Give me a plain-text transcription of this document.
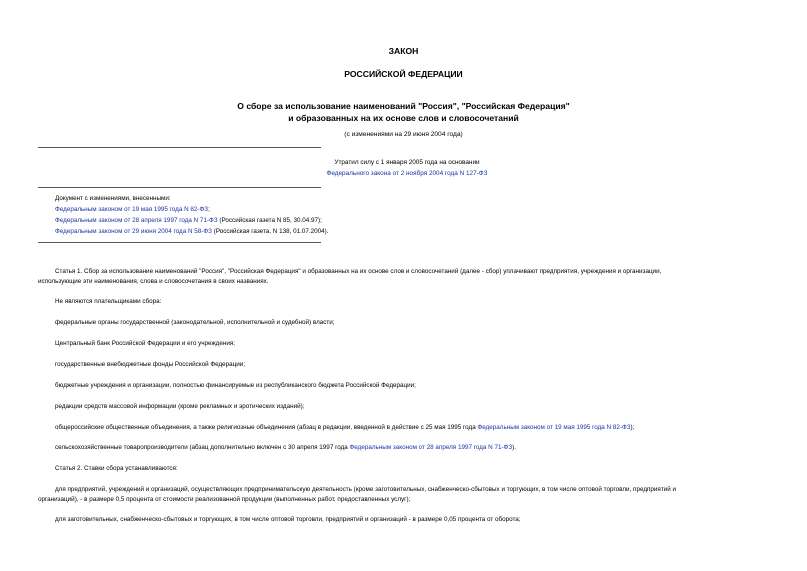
ЗАКОН
РОССИЙСКОЙ ФЕДЕРАЦИИ
О сборе за использование наименований "Россия", "Российская Федерация"
и образованных на их основе слов и словосочетаний
(с изменениями на 29 июня 2004 года)
Утратил силу с 1 января 2005 года на основании
Федерального закона от 2 ноября 2004 года N 127-ФЗ
Документ с изменениями, внесенными:
Федеральным законом от 19 мая 1995 года N 82-ФЗ;
Федеральным законом от 28 апреля 1997 года N 71-ФЗ (Российская газета N 85, 30.04.97);
Федеральным законом от 29 июня 2004 года N 58-ФЗ (Российская газета, N 138, 01.07.2004).
Статья 1. Сбор за использование наименований "Россия", "Российская Федерация" и образованных на их основе слов и словосочетаний (далее - сбор) уплачивают предприятия, учреждения и организации,
использующие эти наименования, слова и словосочетания в своих названиях.
Не являются плательщиками сбора:
федеральные органы государственной (законодательной, исполнительной и судебной) власти;
Центральный банк Российской Федерации и его учреждения;
государственные внебюджетные фонды Российской Федерации;
бюджетные учреждения и организации, полностью финансируемые из республиканского бюджета Российской Федерации;
редакции средств массовой информации (кроме рекламных и эротических изданий);
общероссийские общественные объединения, а также религиозные объединения (абзац в редакции, введенной в действие с 25 мая 1995 года Федеральным законом от 19 мая 1995 года N 82-ФЗ);
сельскохозяйственные товаропроизводители (абзац дополнительно включен с 30 апреля 1997 года Федеральным законом от 28 апреля 1997 года N 71-ФЗ).
Статья 2. Ставки сбора устанавливаются:
для предприятий, учреждений и организаций, осуществляющих предпринимательскую деятельность (кроме заготовительных, снабженческо-сбытовых и торгующих, в том числе оптовой торговли, предприятий и
организаций), - в размере 0,5 процента от стоимости реализованной продукции (выполненных работ, предоставленных услуг);
для заготовительных, снабженческо-сбытовых и торгующих, в том числе оптовой торговли, предприятий и организаций - в размере 0,05 процента от оборота;
